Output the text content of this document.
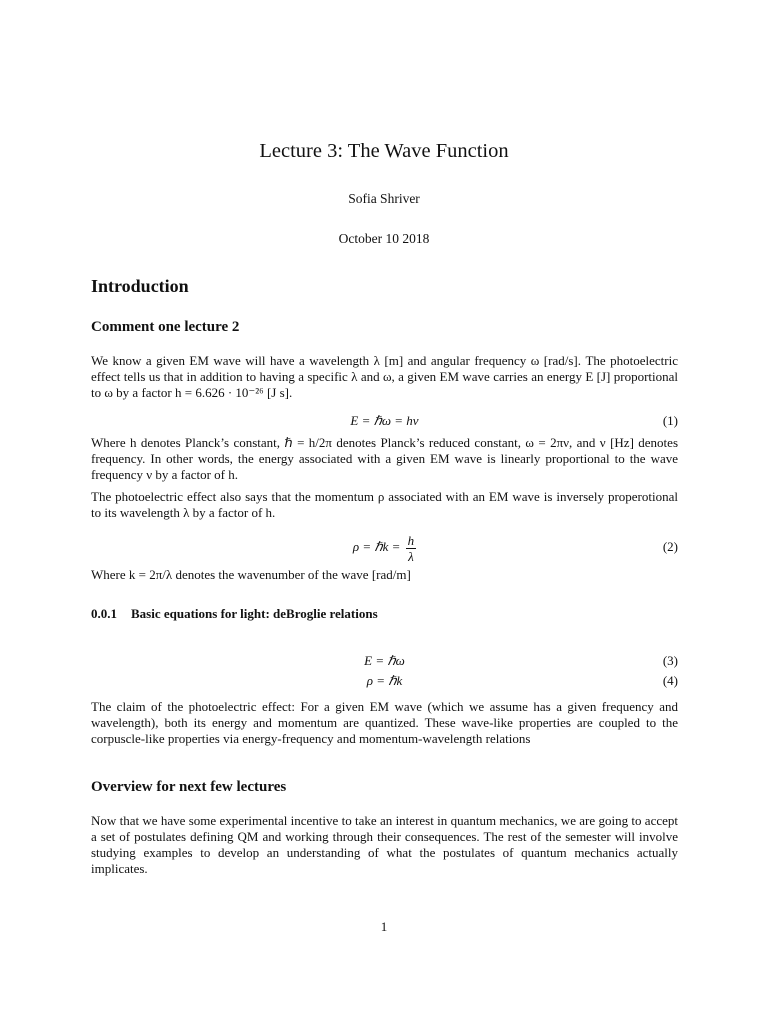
Lecture 3: The Wave Function
Sofia Shriver
October 10 2018
Introduction
Comment one lecture 2

We know a given EM wave will have a wavelength λ [m] and angular frequency ω [rad/s]. The photoelectric effect tells us that in addition to having a specific λ and ω, a given EM wave carries an energy E [J] proportional to ω by a factor h = 6.626 · 10⁻²⁶ [J s].

E = ℏω = hν	(1)

Where h denotes Planck’s constant, ℏ = h/2π denotes Planck’s reduced constant, ω = 2πν, and ν [Hz] denotes frequency. In other words, the energy associated with a given EM wave is linearly proportional to the wave frequency ν by a factor of h.

The photoelectric effect also says that the momentum ρ associated with an EM wave is inversely properotional to its wavelength λ by a factor of h.

ρ = ℏk = $\frac{h}{\lambda}$	(2)

Where k = 2π/λ denotes the wavenumber of the wave [rad/m]

0.0.1 Basic equations for light: deBroglie relations
E = ℏω	(3)
ρ = ℏk	(4)

The claim of the photoelectric effect: For a given EM wave (which we assume has a given frequency and wavelength), both its energy and momentum are quantized. These wave-like properties are coupled to the corpuscle-like properties via energy-frequency and momentum-wavelength relations

Overview for next few lectures

Now that we have some experimental incentive to take an interest in quantum mechanics, we are going to accept a set of postulates defining QM and working through their consequences. The rest of the semester will involve studying examples to develop an understanding of what the postulates of quantum mechanics actually implicates.

1
